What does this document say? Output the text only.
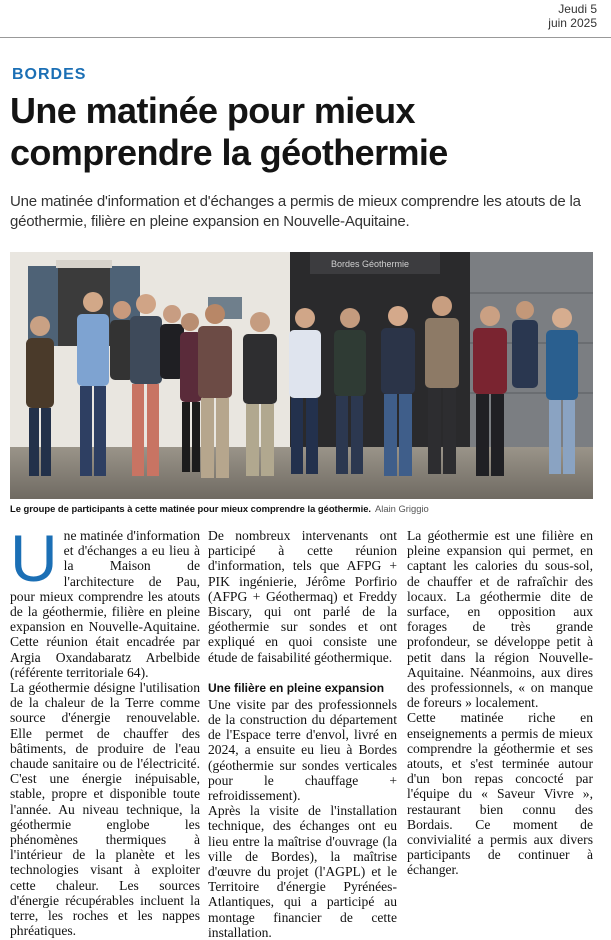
Jeudi 5
juin 2025
BORDES
Une matinée pour mieux comprendre la géothermie

Une matinée d'information et d'échanges a permis de mieux comprendre les atouts de la géothermie, filière en pleine expansion en Nouvelle-Aquitaine.

Bordes Géothermie
Le groupe de participants à cette matinée pour mieux comprendre la géothermie. Alain Griggio

Une matinée d'information et d'échanges a eu lieu à la Maison de l'architecture de Pau, pour mieux comprendre les atouts de la géothermie, filière en pleine expansion en Nouvelle-Aquitaine. Cette réunion était encadrée par Argia Oxandabaratz Arbelbide (référente territoriale 64).

La géothermie désigne l'utilisation de la chaleur de la Terre comme source d'énergie renouvelable. Elle permet de chauffer des bâtiments, de produire de l'eau chaude sanitaire ou de l'électricité. C'est une énergie inépuisable, stable, propre et disponible toute l'année. Au niveau technique, la géothermie englobe les phénomènes thermiques à l'intérieur de la planète et les technologies visant à exploiter cette chaleur. Les sources d'énergie récupérables incluent la terre, les roches et les nappes phréatiques.

De nombreux intervenants ont participé à cette réunion d'information, tels que AFPG + PIK ingénierie, Jérôme Porfirio (AFPG + Géothermaq) et Freddy Biscary, qui ont parlé de la géothermie sur sondes et ont expliqué en quoi consiste une étude de faisabilité géothermique.

Une filière en pleine expansion

Une visite par des professionnels de la construction du département de l'Espace terre d'envol, livré en 2024, a ensuite eu lieu à Bordes (géothermie sur sondes verticales pour le chauffage + refroidissement).

Après la visite de l'installation technique, des échanges ont eu lieu entre la maîtrise d'ouvrage (la ville de Bordes), la maîtrise d'œuvre du projet (l'AGPL) et le Territoire d'énergie Pyrénées-Atlantiques, qui a participé au montage financier de cette installation.

La géothermie est une filière en pleine expansion qui permet, en captant les calories du sous-sol, de chauffer et de rafraîchir des locaux. La géothermie dite de surface, en opposition aux forages de très grande profondeur, se développe petit à petit dans la région Nouvelle-Aquitaine. Néanmoins, aux dires des professionnels, « on manque de foreurs » localement.

Cette matinée riche en enseignements a permis de mieux comprendre la géothermie et ses atouts, et s'est terminée autour d'un bon repas concocté par l'équipe du « Saveur Vivre », restaurant bien connu des Bordais. Ce moment de convivialité a permis aux divers participants de continuer à échanger.
